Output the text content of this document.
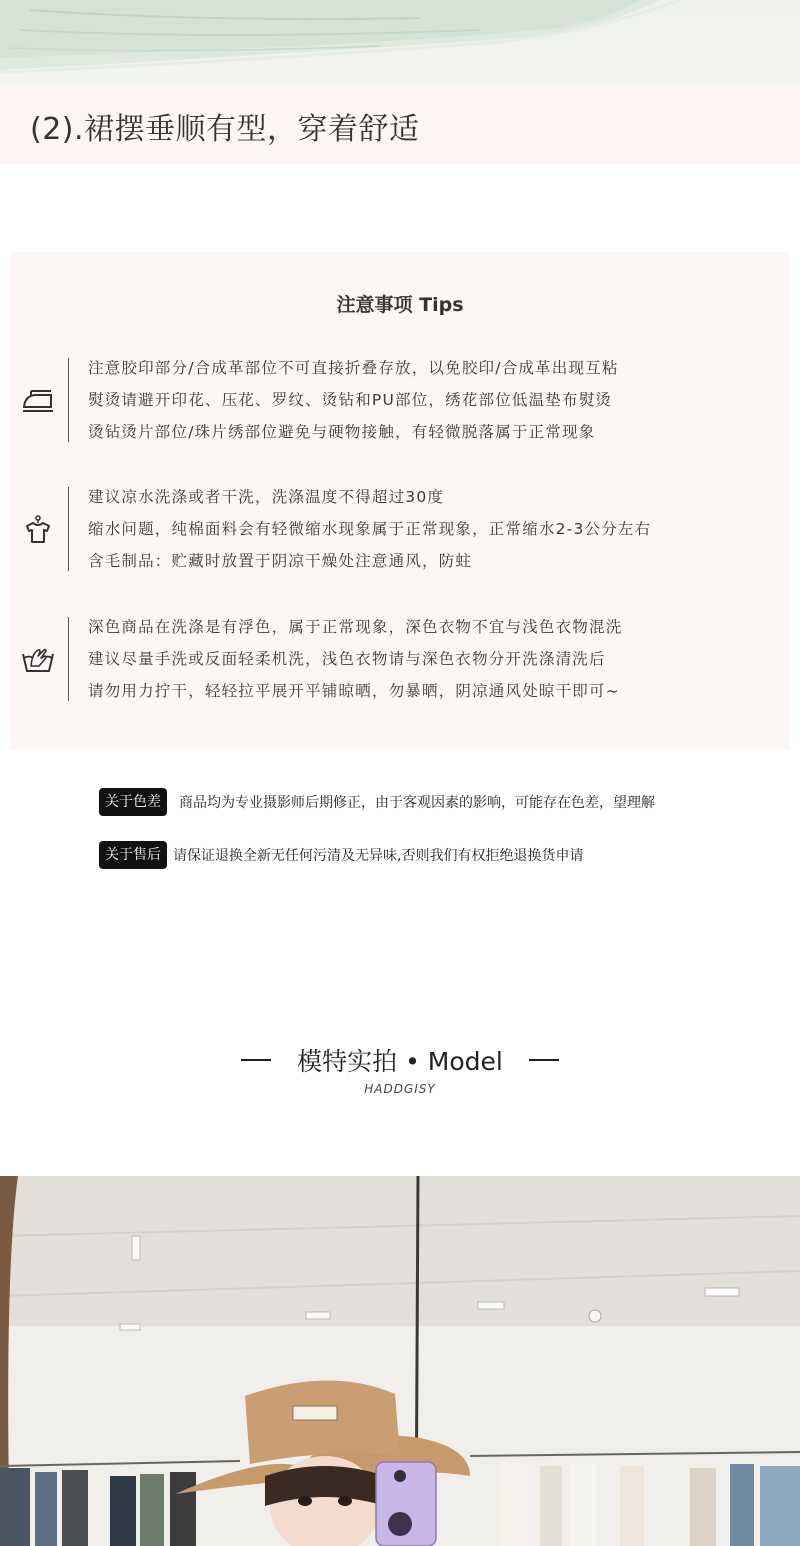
(2).裙摆垂顺有型，穿着舒适
注意事项 Tips
注意胶印部分/合成革部位不可直接折叠存放，以免胶印/合成革出现互粘
熨烫请避开印花、压花、罗纹、烫钻和PU部位，绣花部位低温垫布熨烫
烫钻烫片部位/珠片绣部位避免与硬物接触，有轻微脱落属于正常现象
建议凉水洗涤或者干洗，洗涤温度不得超过30度
缩水问题，纯棉面料会有轻微缩水现象属于正常现象，正常缩水2-3公分左右
含毛制品：贮藏时放置于阴凉干燥处注意通风，防蛀
深色商品在洗涤是有浮色，属于正常现象，深色衣物不宜与浅色衣物混洗
建议尽量手洗或反面轻柔机洗，浅色衣物请与深色衣物分开洗涤清洗后
请勿用力拧干，轻轻拉平展开平铺晾晒，勿暴晒，阴凉通风处晾干即可~
关于色差	商品均为专业摄影师后期修正，由于客观因素的影响，可能存在色差，望理解
关于售后 请保证退换全新无任何污清及无异味,否则我们有权拒绝退换货申请
模特实拍 • Model
HADDGISY
